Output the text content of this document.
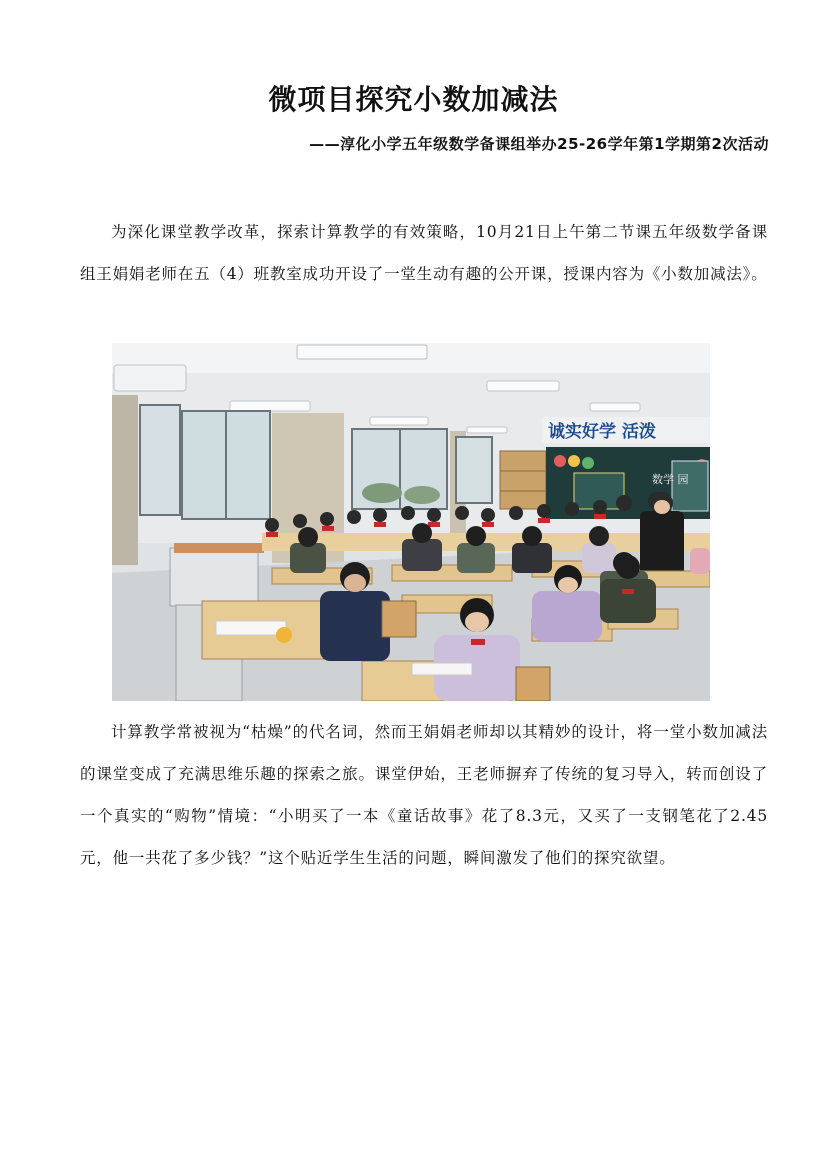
微项目探究小数加减法
——淳化小学五年级数学备课组举办25-26学年第1学期第2次活动

为深化课堂教学改革，探索计算教学的有效策略，10月21日上午第二节课五年级数学备课组王娟娟老师在五（4）班教室成功开设了一堂生动有趣的公开课，授课内容为《小数加减法》。

诚实好学 活泼
数学 园

计算教学常被视为“枯燥”的代名词，然而王娟娟老师却以其精妙的设计，将一堂小数加减法的课堂变成了充满思维乐趣的探索之旅。课堂伊始，王老师摒弃了传统的复习导入，转而创设了一个真实的“购物”情境：“小明买了一本《童话故事》花了8.3元，又买了一支钢笔花了2.45元，他一共花了多少钱？”这个贴近学生生活的问题，瞬间激发了他们的探究欲望。
